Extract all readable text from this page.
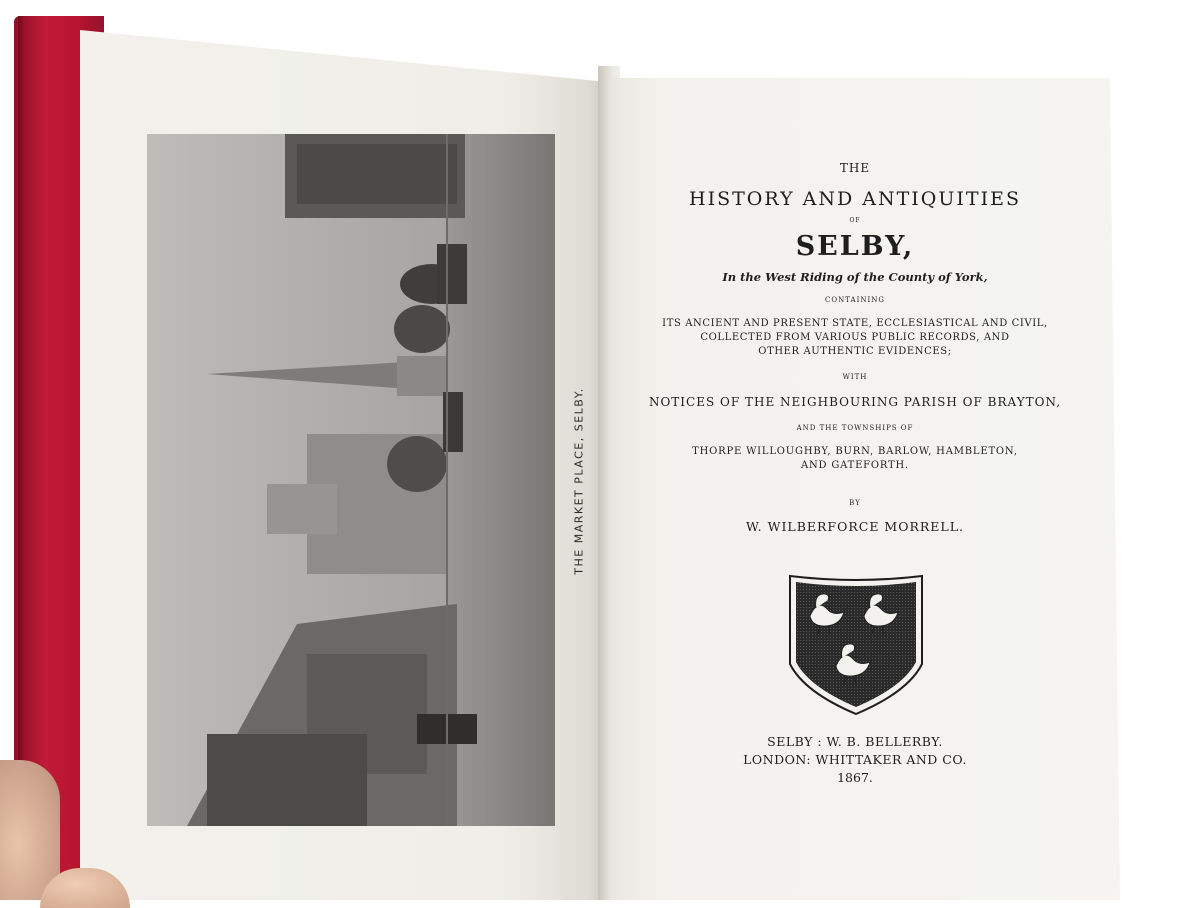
THE MARKET PLACE, SELBY.

THE

HISTORY AND ANTIQUITIES

OF

SELBY,

In the West Riding of the County of York,

CONTAINING

ITS ANCIENT AND PRESENT STATE, ECCLESIASTICAL AND CIVIL,

COLLECTED FROM VARIOUS PUBLIC RECORDS, AND

OTHER AUTHENTIC EVIDENCES;

WITH

NOTICES OF THE NEIGHBOURING PARISH OF BRAYTON,

AND THE TOWNSHIPS OF

THORPE WILLOUGHBY, BURN, BARLOW, HAMBLETON,

AND GATEFORTH.

BY

W. WILBERFORCE MORRELL.

SELBY : W. B. BELLERBY.

LONDON: WHITTAKER AND CO.

1867.
